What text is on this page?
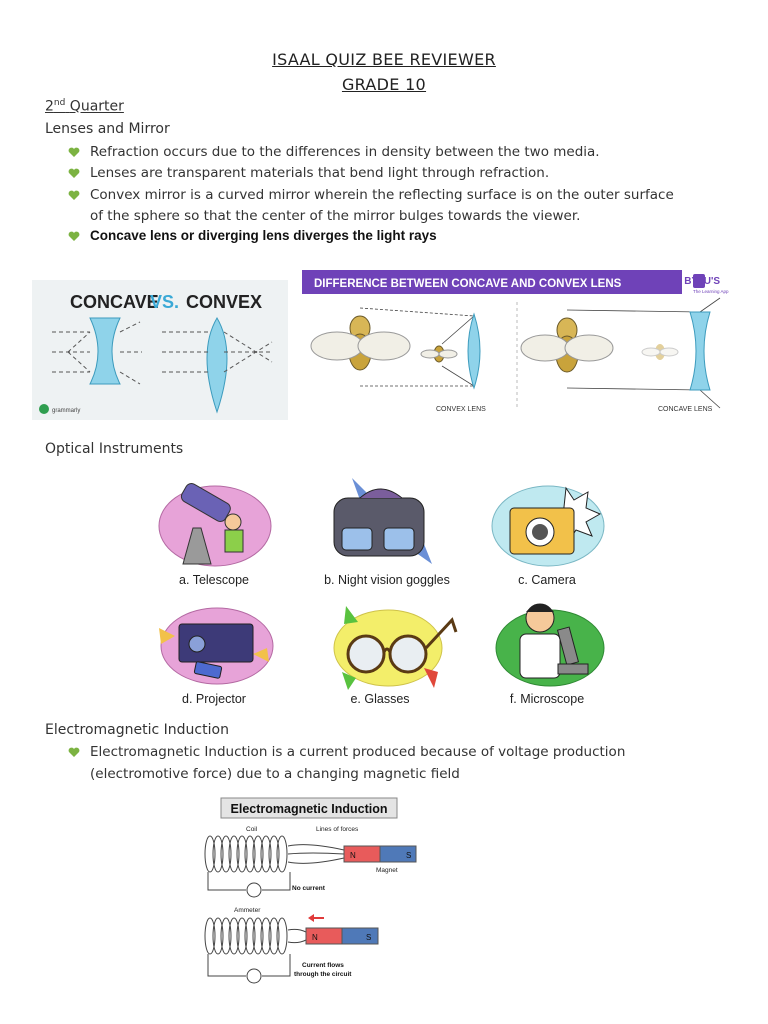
ISAAL QUIZ BEE REVIEWER
GRADE 10
2nd Quarter
Lenses and Mirror
Refraction occurs due to the differences in density between the two media.
Lenses are transparent materials that bend light through refraction.
Convex mirror is a curved mirror wherein the reflecting surface is on the outer surface
of the sphere so that the center of the mirror bulges towards the viewer.
Concave lens or diverging lens diverges the light rays
CONCAVE
VS. CONVEX
grammarly
DIFFERENCE BETWEEN CONCAVE AND CONVEX LENS	BYJU'S
The Learning App
CONVEX LENS	CONCAVE LENS
Optical Instruments
a. Telescope	b. Night vision goggles	c. Camera
d. Projector	e. Glasses	f. Microscope
Electromagnetic Induction
Electromagnetic Induction is a current produced because of voltage production
(electromotive force) due to a changing magnetic field
Electromagnetic Induction
Coil	Lines of forces
N	S
Magnet
No current
Ammeter
N	S
Current flows
through the circuit
